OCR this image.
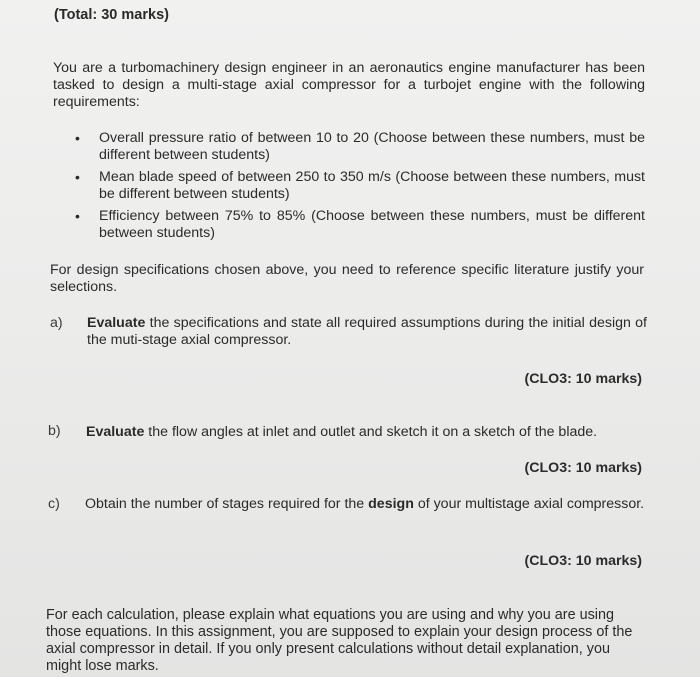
(Total: 30 marks)
You are a turbomachinery design engineer in an aeronautics engine manufacturer has been tasked to design a multi-stage axial compressor for a turbojet engine with the following requirements:
• Overall pressure ratio of between 10 to 20 (Choose between these numbers, must be different between students)
• Mean blade speed of between 250 to 350 m/s (Choose between these numbers, must be different between students)
• Efficiency between 75% to 85% (Choose between these numbers, must be different between students)
For design specifications chosen above, you need to reference specific literature justify your selections.
a) Evaluate the specifications and state all required assumptions during the initial design of the muti-stage axial compressor.
(CLO3: 10 marks)
b) Evaluate the flow angles at inlet and outlet and sketch it on a sketch of the blade.
(CLO3: 10 marks)
c) Obtain the number of stages required for the design of your multistage axial compressor.
(CLO3: 10 marks)
For each calculation, please explain what equations you are using and why you are using those equations. In this assignment, you are supposed to explain your design process of the axial compressor in detail. If you only present calculations without detail explanation, you might lose marks.
